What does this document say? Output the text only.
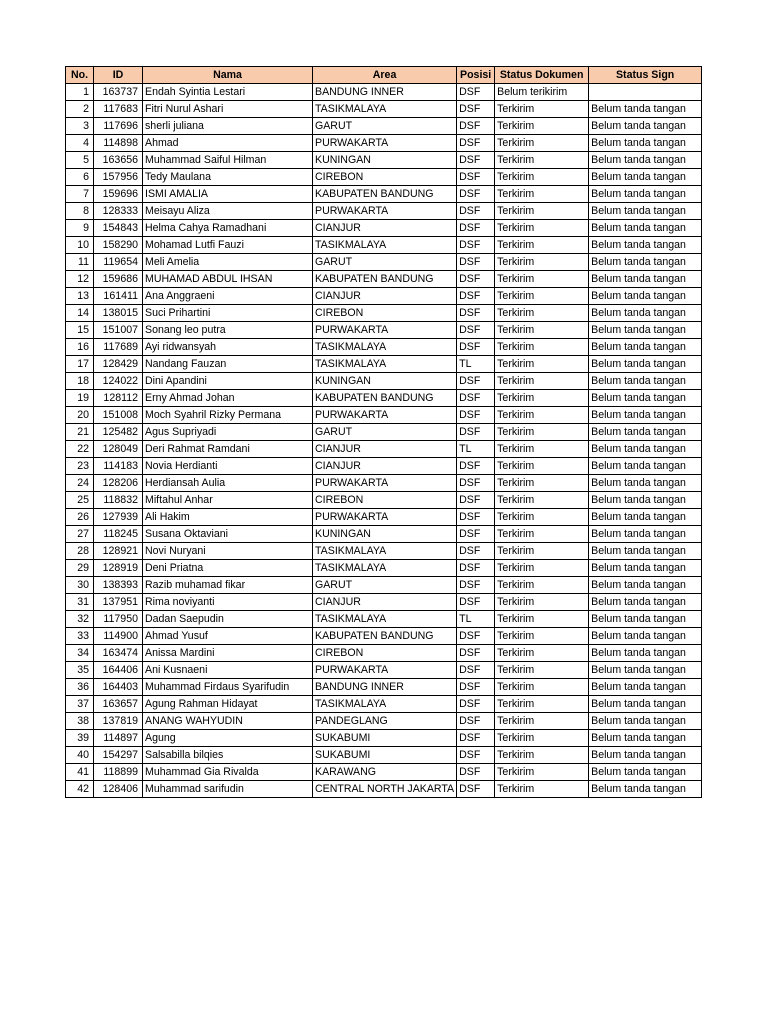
No.	ID	Nama	Area	Posisi	Status Dokumen	Status Sign
1	163737	Endah Syintia Lestari	BANDUNG INNER	DSF	Belum terikirim	
2	117683	Fitri Nurul Ashari	TASIKMALAYA	DSF	Terkirim	Belum tanda tangan
3	117696	sherli juliana	GARUT	DSF	Terkirim	Belum tanda tangan
4	114898	Ahmad	PURWAKARTA	DSF	Terkirim	Belum tanda tangan
5	163656	Muhammad Saiful Hilman	KUNINGAN	DSF	Terkirim	Belum tanda tangan
6	157956	Tedy Maulana	CIREBON	DSF	Terkirim	Belum tanda tangan
7	159696	ISMI AMALIA	KABUPATEN BANDUNG	DSF	Terkirim	Belum tanda tangan
8	128333	Meisayu Aliza	PURWAKARTA	DSF	Terkirim	Belum tanda tangan
9	154843	Helma Cahya Ramadhani	CIANJUR	DSF	Terkirim	Belum tanda tangan
10	158290	Mohamad Lutfi Fauzi	TASIKMALAYA	DSF	Terkirim	Belum tanda tangan
11	119654	Meli Amelia	GARUT	DSF	Terkirim	Belum tanda tangan
12	159686	MUHAMAD ABDUL IHSAN	KABUPATEN BANDUNG	DSF	Terkirim	Belum tanda tangan
13	161411	Ana Anggraeni	CIANJUR	DSF	Terkirim	Belum tanda tangan
14	138015	Suci Prihartini	CIREBON	DSF	Terkirim	Belum tanda tangan
15	151007	Sonang leo putra	PURWAKARTA	DSF	Terkirim	Belum tanda tangan
16	117689	Ayi ridwansyah	TASIKMALAYA	DSF	Terkirim	Belum tanda tangan
17	128429	Nandang Fauzan	TASIKMALAYA	TL	Terkirim	Belum tanda tangan
18	124022	Dini Apandini	KUNINGAN	DSF	Terkirim	Belum tanda tangan
19	128112	Erny Ahmad Johan	KABUPATEN BANDUNG	DSF	Terkirim	Belum tanda tangan
20	151008	Moch Syahril Rizky Permana	PURWAKARTA	DSF	Terkirim	Belum tanda tangan
21	125482	Agus Supriyadi	GARUT	DSF	Terkirim	Belum tanda tangan
22	128049	Deri Rahmat Ramdani	CIANJUR	TL	Terkirim	Belum tanda tangan
23	114183	Novia Herdianti	CIANJUR	DSF	Terkirim	Belum tanda tangan
24	128206	Herdiansah Aulia	PURWAKARTA	DSF	Terkirim	Belum tanda tangan
25	118832	Miftahul Anhar	CIREBON	DSF	Terkirim	Belum tanda tangan
26	127939	Ali Hakim	PURWAKARTA	DSF	Terkirim	Belum tanda tangan
27	118245	Susana Oktaviani	KUNINGAN	DSF	Terkirim	Belum tanda tangan
28	128921	Novi Nuryani	TASIKMALAYA	DSF	Terkirim	Belum tanda tangan
29	128919	Deni Priatna	TASIKMALAYA	DSF	Terkirim	Belum tanda tangan
30	138393	Razib muhamad fikar	GARUT	DSF	Terkirim	Belum tanda tangan
31	137951	Rima noviyanti	CIANJUR	DSF	Terkirim	Belum tanda tangan
32	117950	Dadan Saepudin	TASIKMALAYA	TL	Terkirim	Belum tanda tangan
33	114900	Ahmad Yusuf	KABUPATEN BANDUNG	DSF	Terkirim	Belum tanda tangan
34	163474	Anissa Mardini	CIREBON	DSF	Terkirim	Belum tanda tangan
35	164406	Ani Kusnaeni	PURWAKARTA	DSF	Terkirim	Belum tanda tangan
36	164403	Muhammad Firdaus Syarifudin	BANDUNG INNER	DSF	Terkirim	Belum tanda tangan
37	163657	Agung Rahman Hidayat	TASIKMALAYA	DSF	Terkirim	Belum tanda tangan
38	137819	ANANG WAHYUDIN	PANDEGLANG	DSF	Terkirim	Belum tanda tangan
39	114897	Agung	SUKABUMI	DSF	Terkirim	Belum tanda tangan
40	154297	Salsabilla bilqies	SUKABUMI	DSF	Terkirim	Belum tanda tangan
41	118899	Muhammad Gia Rivalda	KARAWANG	DSF	Terkirim	Belum tanda tangan
42	128406	Muhammad sarifudin	CENTRAL NORTH JAKARTA	DSF	Terkirim	Belum tanda tangan
